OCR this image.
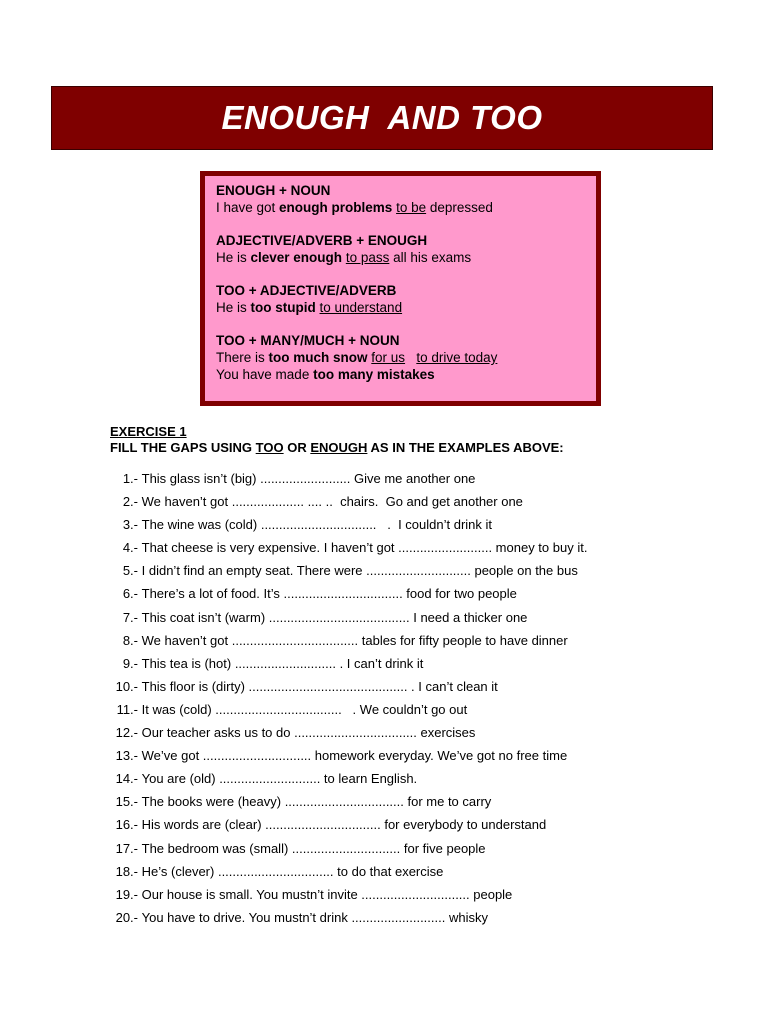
ENOUGH  AND TOO
ENOUGH + NOUN
I have got enough problems to be depressed
ADJECTIVE/ADVERB + ENOUGH
He is clever enough to pass all his exams
TOO + ADJECTIVE/ADVERB
He is too stupid to understand
TOO + MANY/MUCH + NOUN
There is too much snow for us to drive today
You have made too many mistakes
EXERCISE 1
FILL THE GAPS USING TOO OR ENOUGH AS IN THE EXAMPLES ABOVE:
1.-
This glass isn’t (big) ......................... Give me another one
2.-
We haven’t got .................... .... ..  chairs.  Go and get another one
3.-
The wine was (cold) ................................   .  I couldn’t drink it
4.-
That cheese is very expensive. I haven’t got .......................... money to buy it.
5.-
I didn’t find an empty seat. There were ............................. people on the bus
6.-
There’s a lot of food. It’s ................................. food for two people
7.-
This coat isn’t (warm) ....................................... I need a thicker one
8.-
We haven’t got ................................... tables for fifty people to have dinner
9.-
This tea is (hot) ............................ . I can’t drink it
10.-
This floor is (dirty) ............................................ . I can’t clean it
11.-
It was (cold) ...................................   . We couldn’t go out
12.-
Our teacher asks us to do .................................. exercises
13.-
We’ve got .............................. homework everyday. We’ve got no free time
14.-
You are (old) ............................ to learn English.
15.-
The books were (heavy) ................................. for me to carry
16.-
His words are (clear) ................................ for everybody to understand
17.-
The bedroom was (small) .............................. for five people
18.-
He’s (clever) ................................ to do that exercise
19.-
Our house is small. You mustn’t invite .............................. people
20.-
You have to drive. You mustn’t drink .......................... whisky
